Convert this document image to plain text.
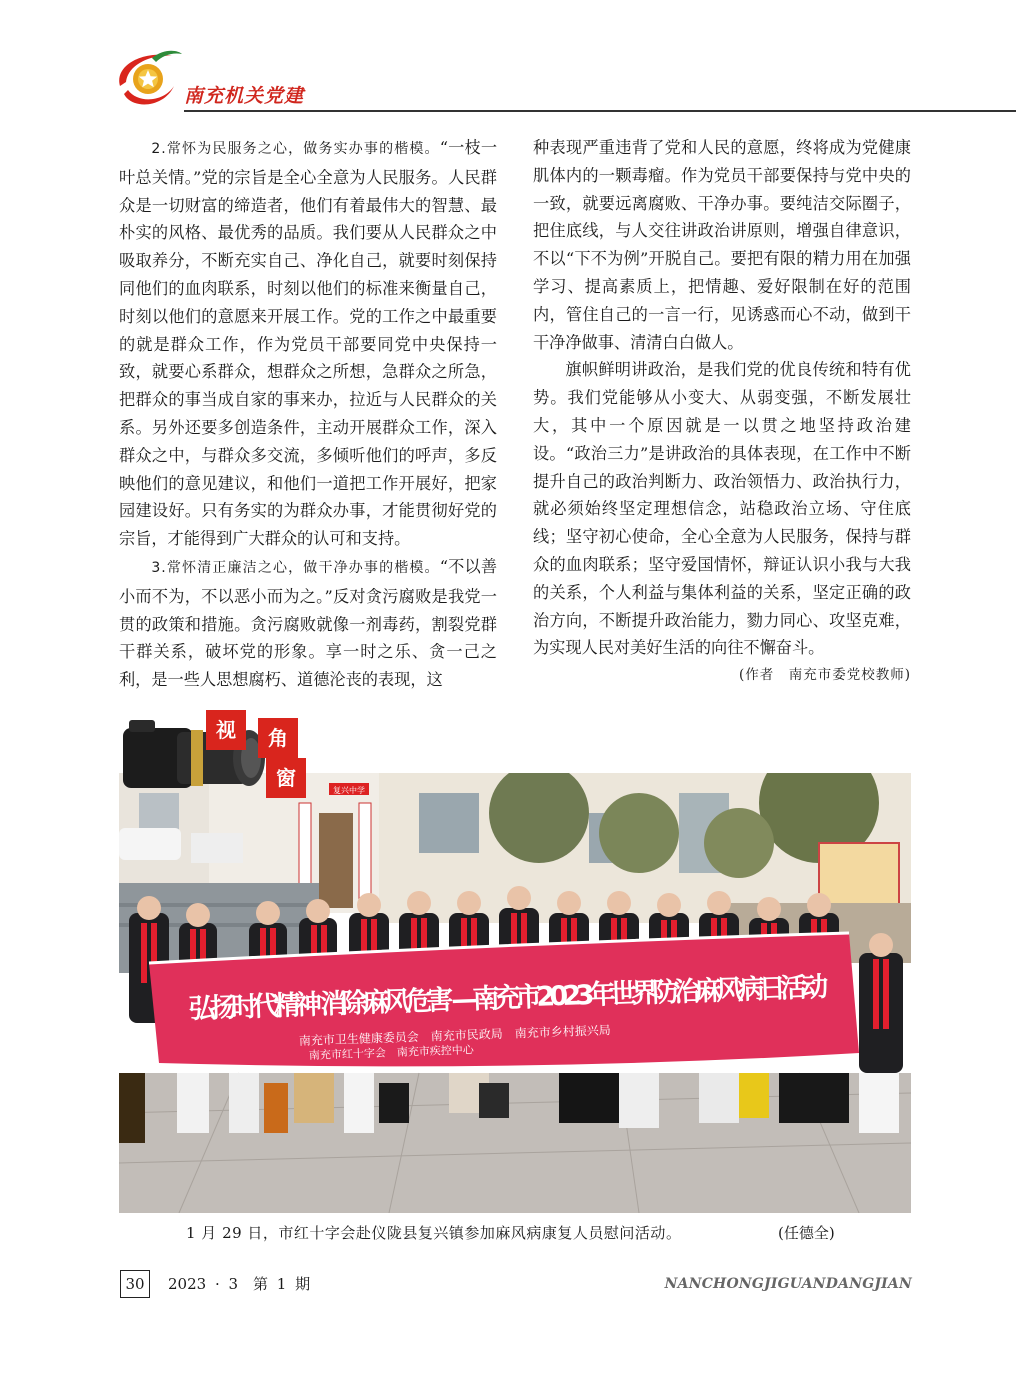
南充机关党建

2.常怀为民服务之心，做务实办事的楷模。“一枝一叶总关情。”党的宗旨是全心全意为人民服务。人民群众是一切财富的缔造者，他们有着最伟大的智慧、最朴实的风格、最优秀的品质。我们要从人民群众之中吸取养分，不断充实自己、净化自己，就要时刻保持同他们的血肉联系，时刻以他们的标准来衡量自己，时刻以他们的意愿来开展工作。党的工作之中最重要的就是群众工作，作为党员干部要同党中央保持一致，就要心系群众，想群众之所想，急群众之所急，把群众的事当成自家的事来办，拉近与人民群众的关系。另外还要多创造条件，主动开展群众工作，深入群众之中，与群众多交流，多倾听他们的呼声，多反映他们的意见建议，和他们一道把工作开展好，把家园建设好。只有务实的为群众办事，才能贯彻好党的宗旨，才能得到广大群众的认可和支持。

3.常怀清正廉洁之心，做干净办事的楷模。“不以善小而不为，不以恶小而为之。”反对贪污腐败是我党一贯的政策和措施。贪污腐败就像一剂毒药，割裂党群干群关系，破坏党的形象。享一时之乐、贪一己之利，是一些人思想腐朽、道德沦丧的表现，这

种表现严重违背了党和人民的意愿，终将成为党健康肌体内的一颗毒瘤。作为党员干部要保持与党中央的一致，就要远离腐败、干净办事。要纯洁交际圈子，把住底线，与人交往讲政治讲原则，增强自律意识，不以“下不为例”开脱自己。要把有限的精力用在加强学习、提高素质上，把情趣、爱好限制在好的范围内，管住自己的一言一行，见诱惑而心不动，做到干干净净做事、清清白白做人。

旗帜鲜明讲政治，是我们党的优良传统和特有优势。我们党能够从小变大、从弱变强，不断发展壮大，其中一个原因就是一以贯之地坚持政治建设。“政治三力”是讲政治的具体表现，在工作中不断提升自己的政治判断力、政治领悟力、政治执行力，就必须始终坚定理想信念，站稳政治立场、守住底线；坚守初心使命，全心全意为人民服务，保持与群众的血肉联系；坚守爱国情怀，辩证认识小我与大我的关系，个人利益与集体利益的关系，坚定正确的政治方向，不断提升政治能力，勠力同心、攻坚克难，为实现人民对美好生活的向往不懈奋斗。

(作者　南充市委党校教师)

复兴中学
弘扬时代精神 消除麻风危害 —南充市2023年世界防治麻风病日活动
南充市卫生健康委员会　南充市民政局　南充市乡村振兴局
南充市红十字会　南充市疾控中心
视	角
窗
1 月 29 日，市红十字会赴仪陇县复兴镇参加麻风病康复人员慰问活动。	(任德全)
30	2023 · 3　第 1 期	NANCHONGJIGUANDANGJIAN
